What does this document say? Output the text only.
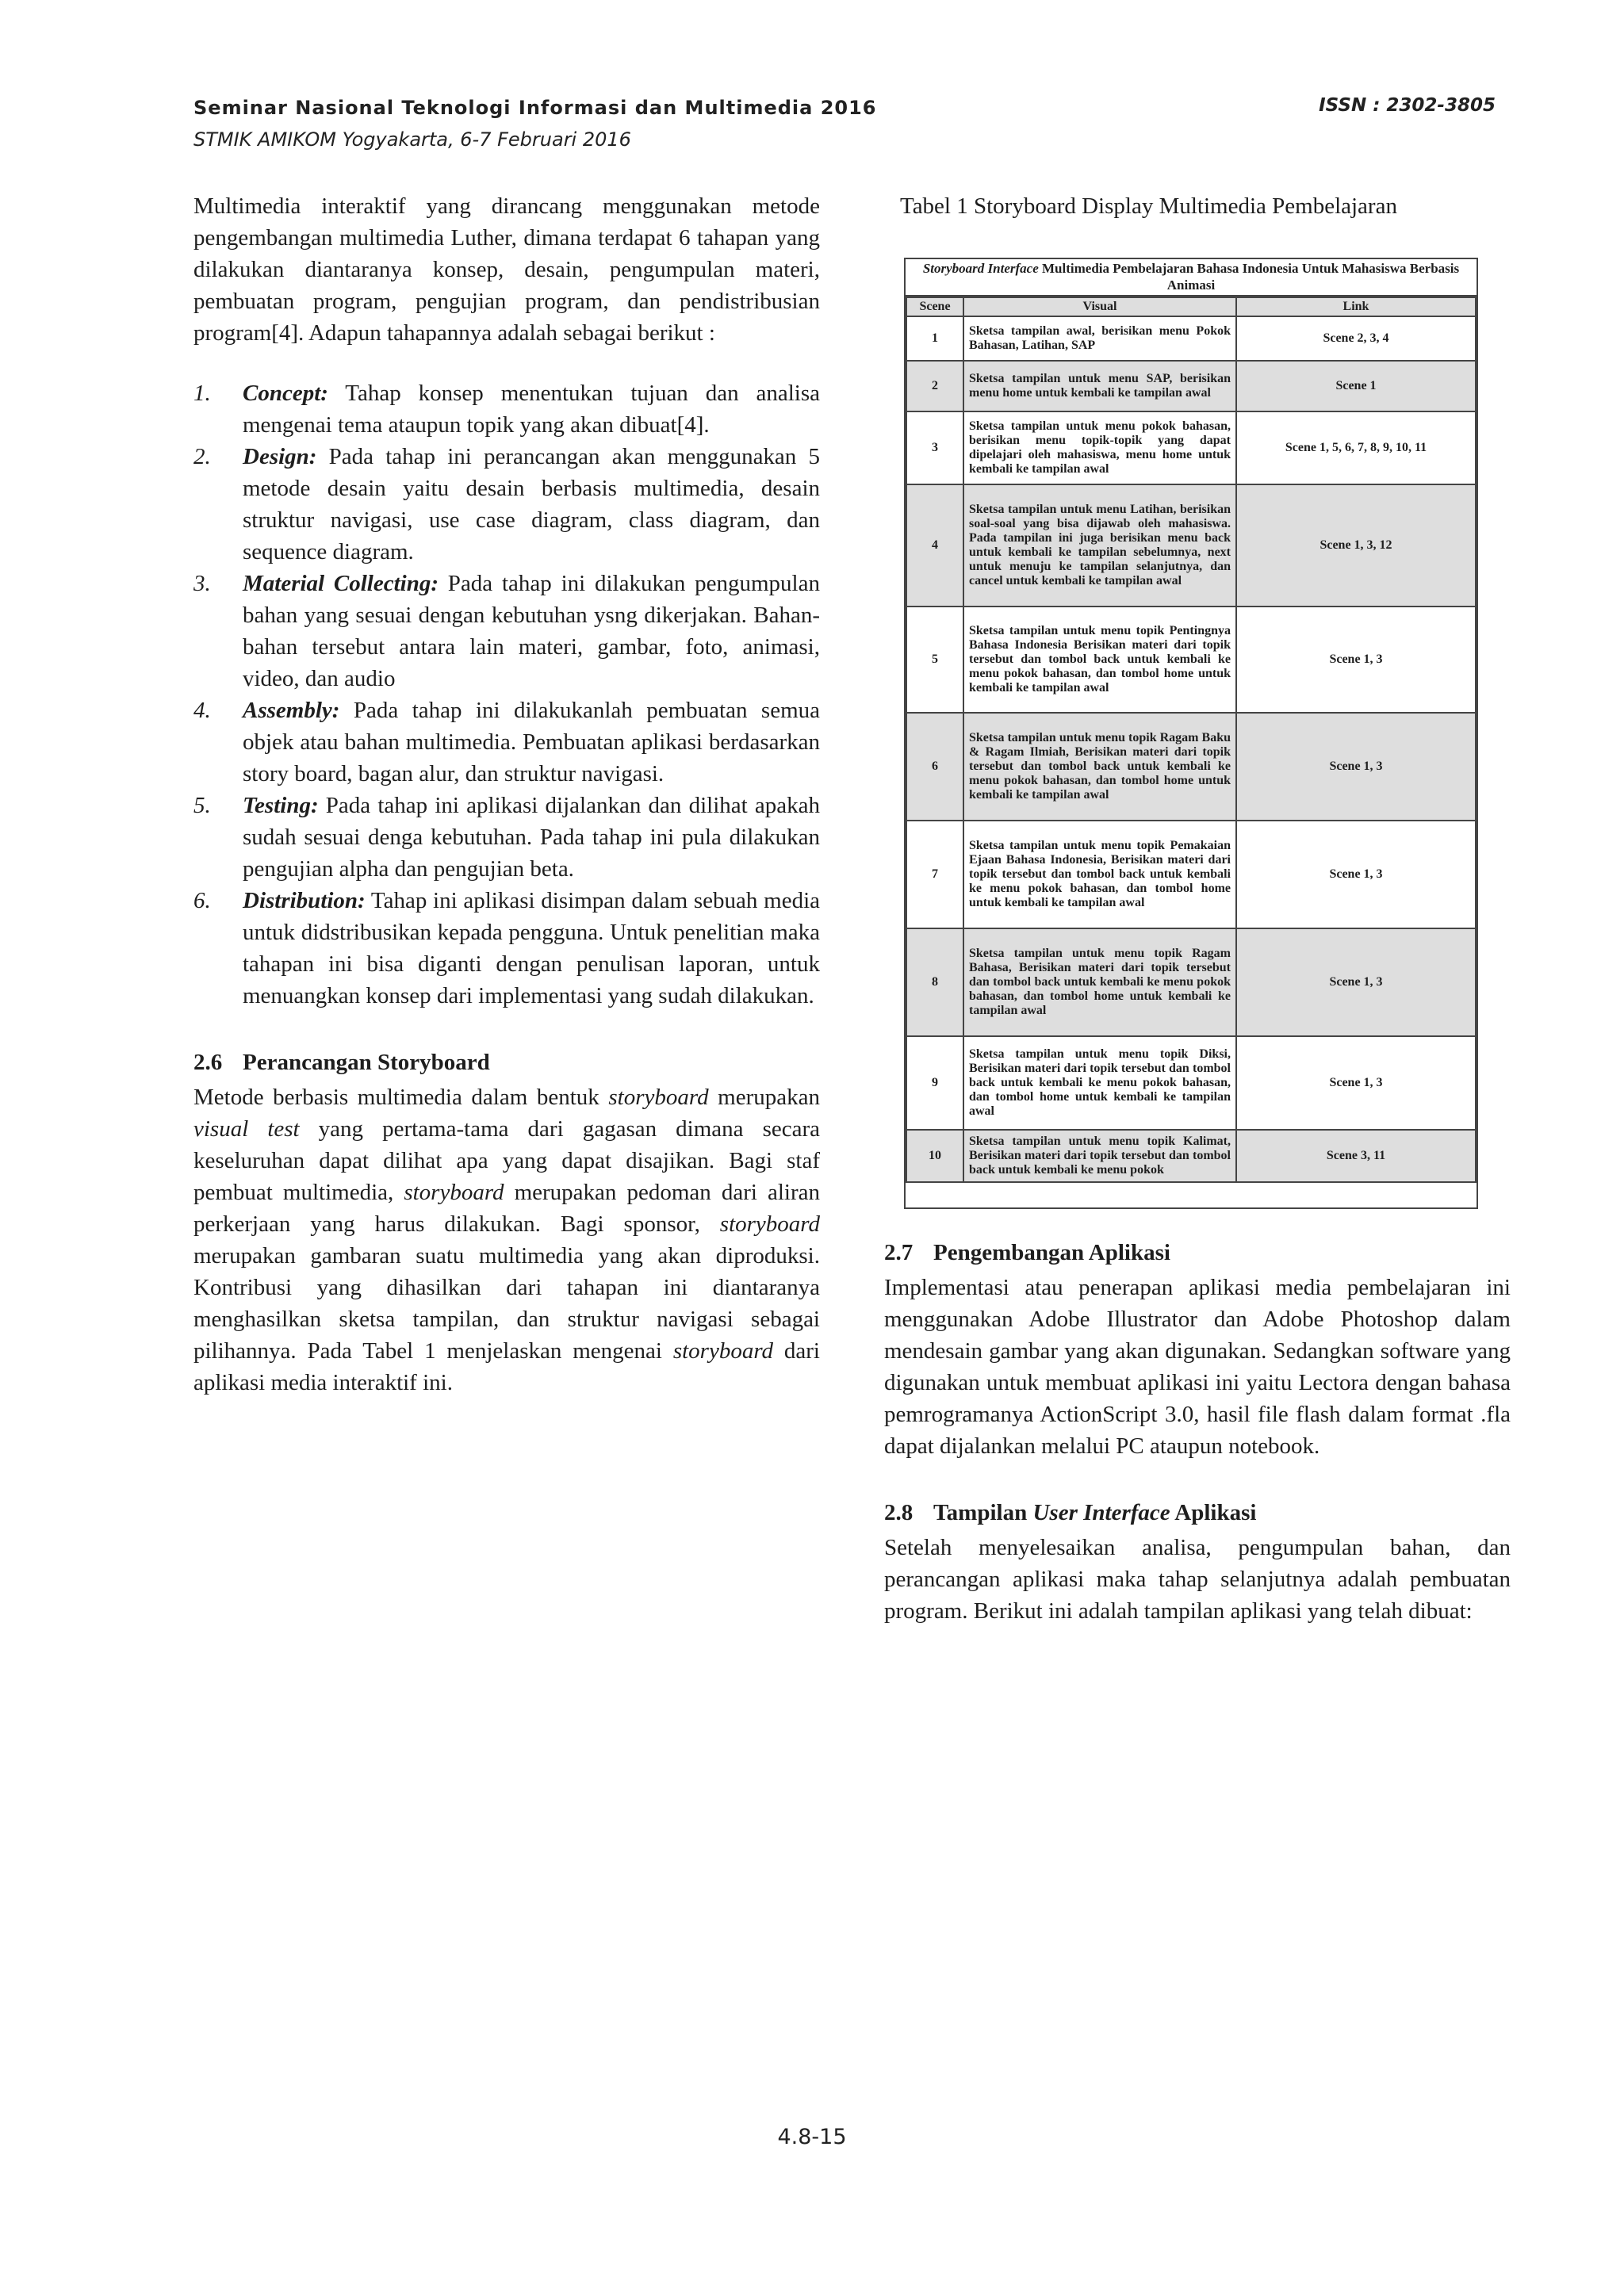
Seminar Nasional Teknologi Informasi dan Multimedia 2016
STMIK AMIKOM Yogyakarta, 6-7 Februari 2016
ISSN : 2302-3805

Multimedia interaktif yang dirancang menggunakan metode pengembangan multimedia Luther, dimana terdapat 6 tahapan yang dilakukan diantaranya konsep, desain, pengumpulan materi, pembuatan program, pengujian program, dan pendistribusian program[4]. Adapun tahapannya adalah sebagai berikut :

1. Concept: Tahap konsep menentukan tujuan dan analisa mengenai tema ataupun topik yang akan dibuat[4].
2. Design: Pada tahap ini perancangan akan menggunakan 5 metode desain yaitu desain berbasis multimedia, desain struktur navigasi, use case diagram, class diagram, dan sequence diagram.
3. Material Collecting: Pada tahap ini dilakukan pengumpulan bahan yang sesuai dengan kebutuhan ysng dikerjakan. Bahan-bahan tersebut antara lain materi, gambar, foto, animasi, video, dan audio
4. Assembly: Pada tahap ini dilakukanlah pembuatan semua objek atau bahan multimedia. Pembuatan aplikasi berdasarkan story board, bagan alur, dan struktur navigasi.
5. Testing: Pada tahap ini aplikasi dijalankan dan dilihat apakah sudah sesuai denga kebutuhan. Pada tahap ini pula dilakukan pengujian alpha dan pengujian beta.
6. Distribution: Tahap ini aplikasi disimpan dalam sebuah media untuk didstribusikan kepada pengguna. Untuk penelitian maka tahapan ini bisa diganti dengan penulisan laporan, untuk menuangkan konsep dari implementasi yang sudah dilakukan.
2.6 Perancangan Storyboard

Metode berbasis multimedia dalam bentuk storyboard merupakan visual test yang pertama-tama dari gagasan dimana secara keseluruhan dapat dilihat apa yang dapat disajikan. Bagi staf pembuat multimedia, storyboard merupakan pedoman dari aliran perkerjaan yang harus dilakukan. Bagi sponsor, storyboard merupakan gambaran suatu multimedia yang akan diproduksi. Kontribusi yang dihasilkan dari tahapan ini diantaranya menghasilkan sketsa tampilan, dan struktur navigasi sebagai pilihannya. Pada Tabel 1 menjelaskan mengenai storyboard dari aplikasi media interaktif ini.

Tabel 1 Storyboard Display Multimedia Pembelajaran
Storyboard Interface Multimedia Pembelajaran Bahasa Indonesia Untuk Mahasiswa Berbasis Animasi
Scene	Visual	Link
1	Sketsa tampilan awal, berisikan menu Pokok Bahasan, Latihan, SAP	Scene 2, 3, 4
2	Sketsa tampilan untuk menu SAP, berisikan menu home untuk kembali ke tampilan awal	Scene 1
3	Sketsa tampilan untuk menu pokok bahasan, berisikan menu topik-topik yang dapat dipelajari oleh mahasiswa, menu home untuk kembali ke tampilan awal	Scene 1, 5, 6, 7, 8, 9, 10, 11
4	Sketsa tampilan untuk menu Latihan, berisikan soal-soal yang bisa dijawab oleh mahasiswa. Pada tampilan ini juga berisikan menu back untuk kembali ke tampilan sebelumnya, next untuk menuju ke tampilan selanjutnya, dan cancel untuk kembali ke tampilan awal	Scene 1, 3, 12
5	Sketsa tampilan untuk menu topik Pentingnya Bahasa Indonesia Berisikan materi dari topik tersebut dan tombol back untuk kembali ke menu pokok bahasan, dan tombol home untuk kembali ke tampilan awal	Scene 1, 3
6	Sketsa tampilan untuk menu topik Ragam Baku & Ragam Ilmiah, Berisikan materi dari topik tersebut dan tombol back untuk kembali ke menu pokok bahasan, dan tombol home untuk kembali ke tampilan awal	Scene 1, 3
7	Sketsa tampilan untuk menu topik Pemakaian Ejaan Bahasa Indonesia, Berisikan materi dari topik tersebut dan tombol back untuk kembali ke menu pokok bahasan, dan tombol home untuk kembali ke tampilan awal	Scene 1, 3
8	Sketsa tampilan untuk menu topik Ragam Bahasa, Berisikan materi dari topik tersebut dan tombol back untuk kembali ke menu pokok bahasan, dan tombol home untuk kembali ke tampilan awal	Scene 1, 3
9	Sketsa tampilan untuk menu topik Diksi, Berisikan materi dari topik tersebut dan tombol back untuk kembali ke menu pokok bahasan, dan tombol home untuk kembali ke tampilan awal	Scene 1, 3
10	Sketsa tampilan untuk menu topik Kalimat, Berisikan materi dari topik tersebut dan tombol back untuk kembali ke menu pokok	Scene 3, 11
2.7 Pengembangan Aplikasi

Implementasi atau penerapan aplikasi media pembelajaran ini menggunakan Adobe Illustrator dan Adobe Photoshop dalam mendesain gambar yang akan digunakan. Sedangkan software yang digunakan untuk membuat aplikasi ini yaitu Lectora dengan bahasa pemrogramanya ActionScript 3.0, hasil file flash dalam format .fla dapat dijalankan melalui PC ataupun notebook.

2.8 Tampilan User Interface Aplikasi

Setelah menyelesaikan analisa, pengumpulan bahan, dan perancangan aplikasi maka tahap selanjutnya adalah pembuatan program. Berikut ini adalah tampilan aplikasi yang telah dibuat:

4.8-15
